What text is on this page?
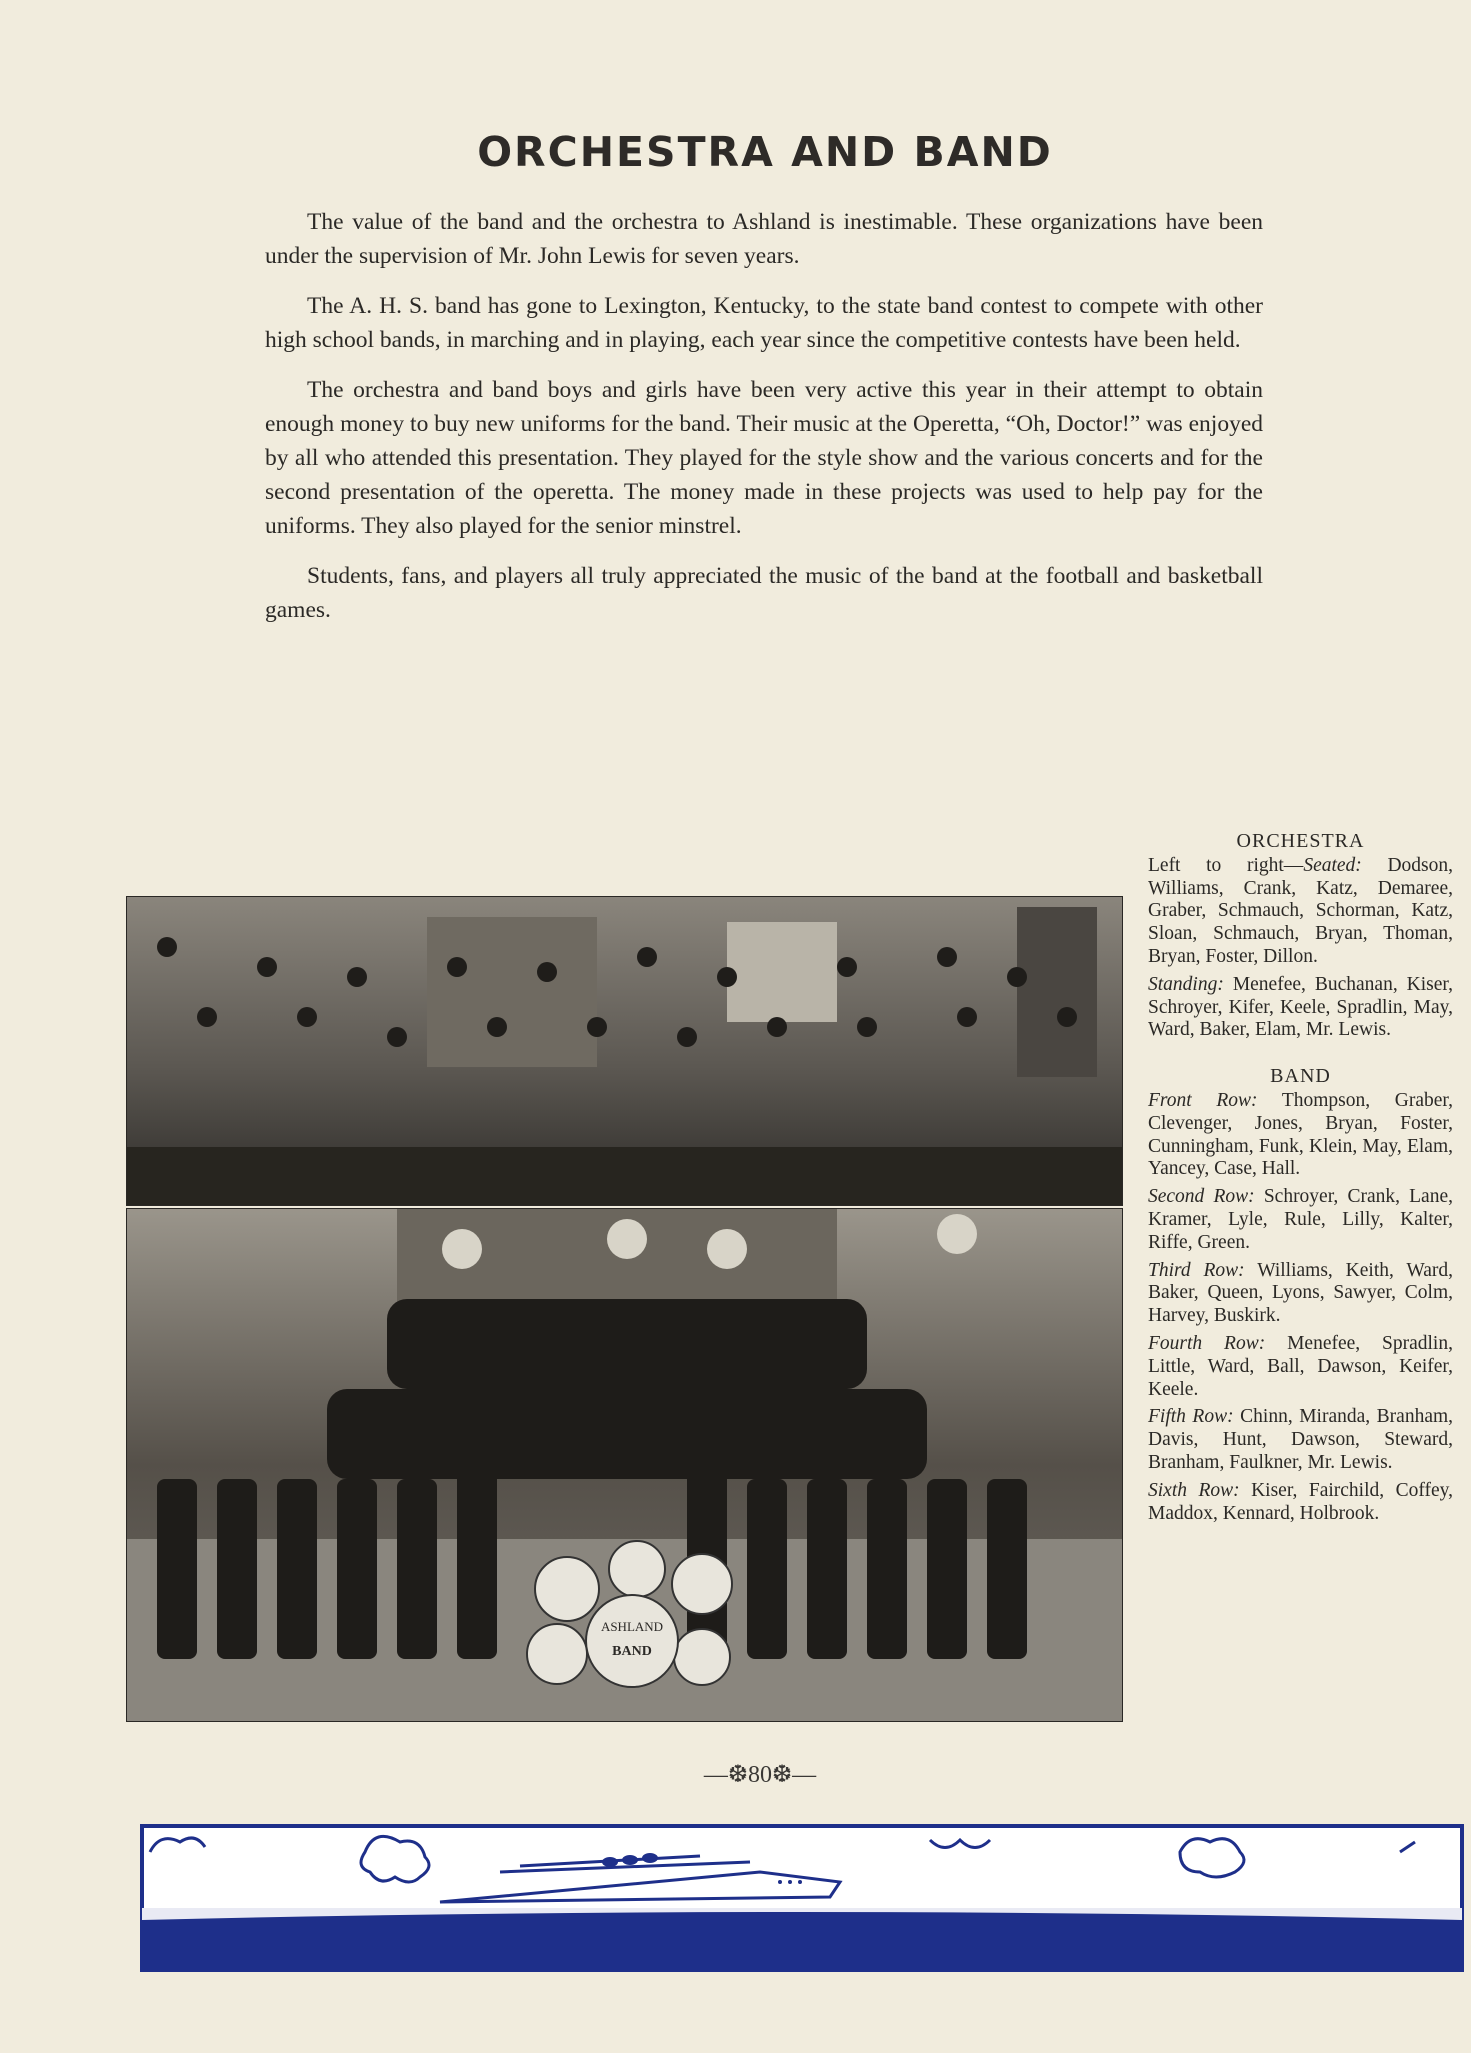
ORCHESTRA AND BAND

The value of the band and the orchestra to Ashland is inestimable. These organizations have been under the supervision of Mr. John Lewis for seven years.

The A. H. S. band has gone to Lexington, Kentucky, to the state band contest to compete with other high school bands, in marching and in playing, each year since the competitive contests have been held.

The orchestra and band boys and girls have been very active this year in their attempt to obtain enough money to buy new uniforms for the band. Their music at the Operetta, “Oh, Doctor!” was enjoyed by all who attended this presentation. They played for the style show and the various concerts and for the second presentation of the operetta. The money made in these projects was used to help pay for the uniforms. They also played for the senior minstrel.

Students, fans, and players all truly appreciated the music of the band at the football and basketball games.

ASHLAND
BAND
ORCHESTRA

Left to right—Seated: Dodson, Williams, Crank, Katz, Demaree, Graber, Schmauch, Schorman, Katz, Sloan, Schmauch, Bryan, Thoman, Bryan, Foster, Dillon.

Standing: Menefee, Buchanan, Kiser, Schroyer, Kifer, Keele, Spradlin, May, Ward, Baker, Elam, Mr. Lewis.

BAND

Front Row: Thompson, Graber, Clevenger, Jones, Bryan, Foster, Cunningham, Funk, Klein, May, Elam, Yancey, Case, Hall.

Second Row: Schroyer, Crank, Lane, Kramer, Lyle, Rule, Lilly, Kalter, Riffe, Green.

Third Row: Williams, Keith, Ward, Baker, Queen, Lyons, Sawyer, Colm, Harvey, Buskirk.

Fourth Row: Menefee, Spradlin, Little, Ward, Ball, Dawson, Keifer, Keele.

Fifth Row: Chinn, Miranda, Branham, Davis, Hunt, Dawson, Steward, Branham, Faulkner, Mr. Lewis.

Sixth Row: Kiser, Fairchild, Coffey, Maddox, Kennard, Holbrook.

—❆80❆—
